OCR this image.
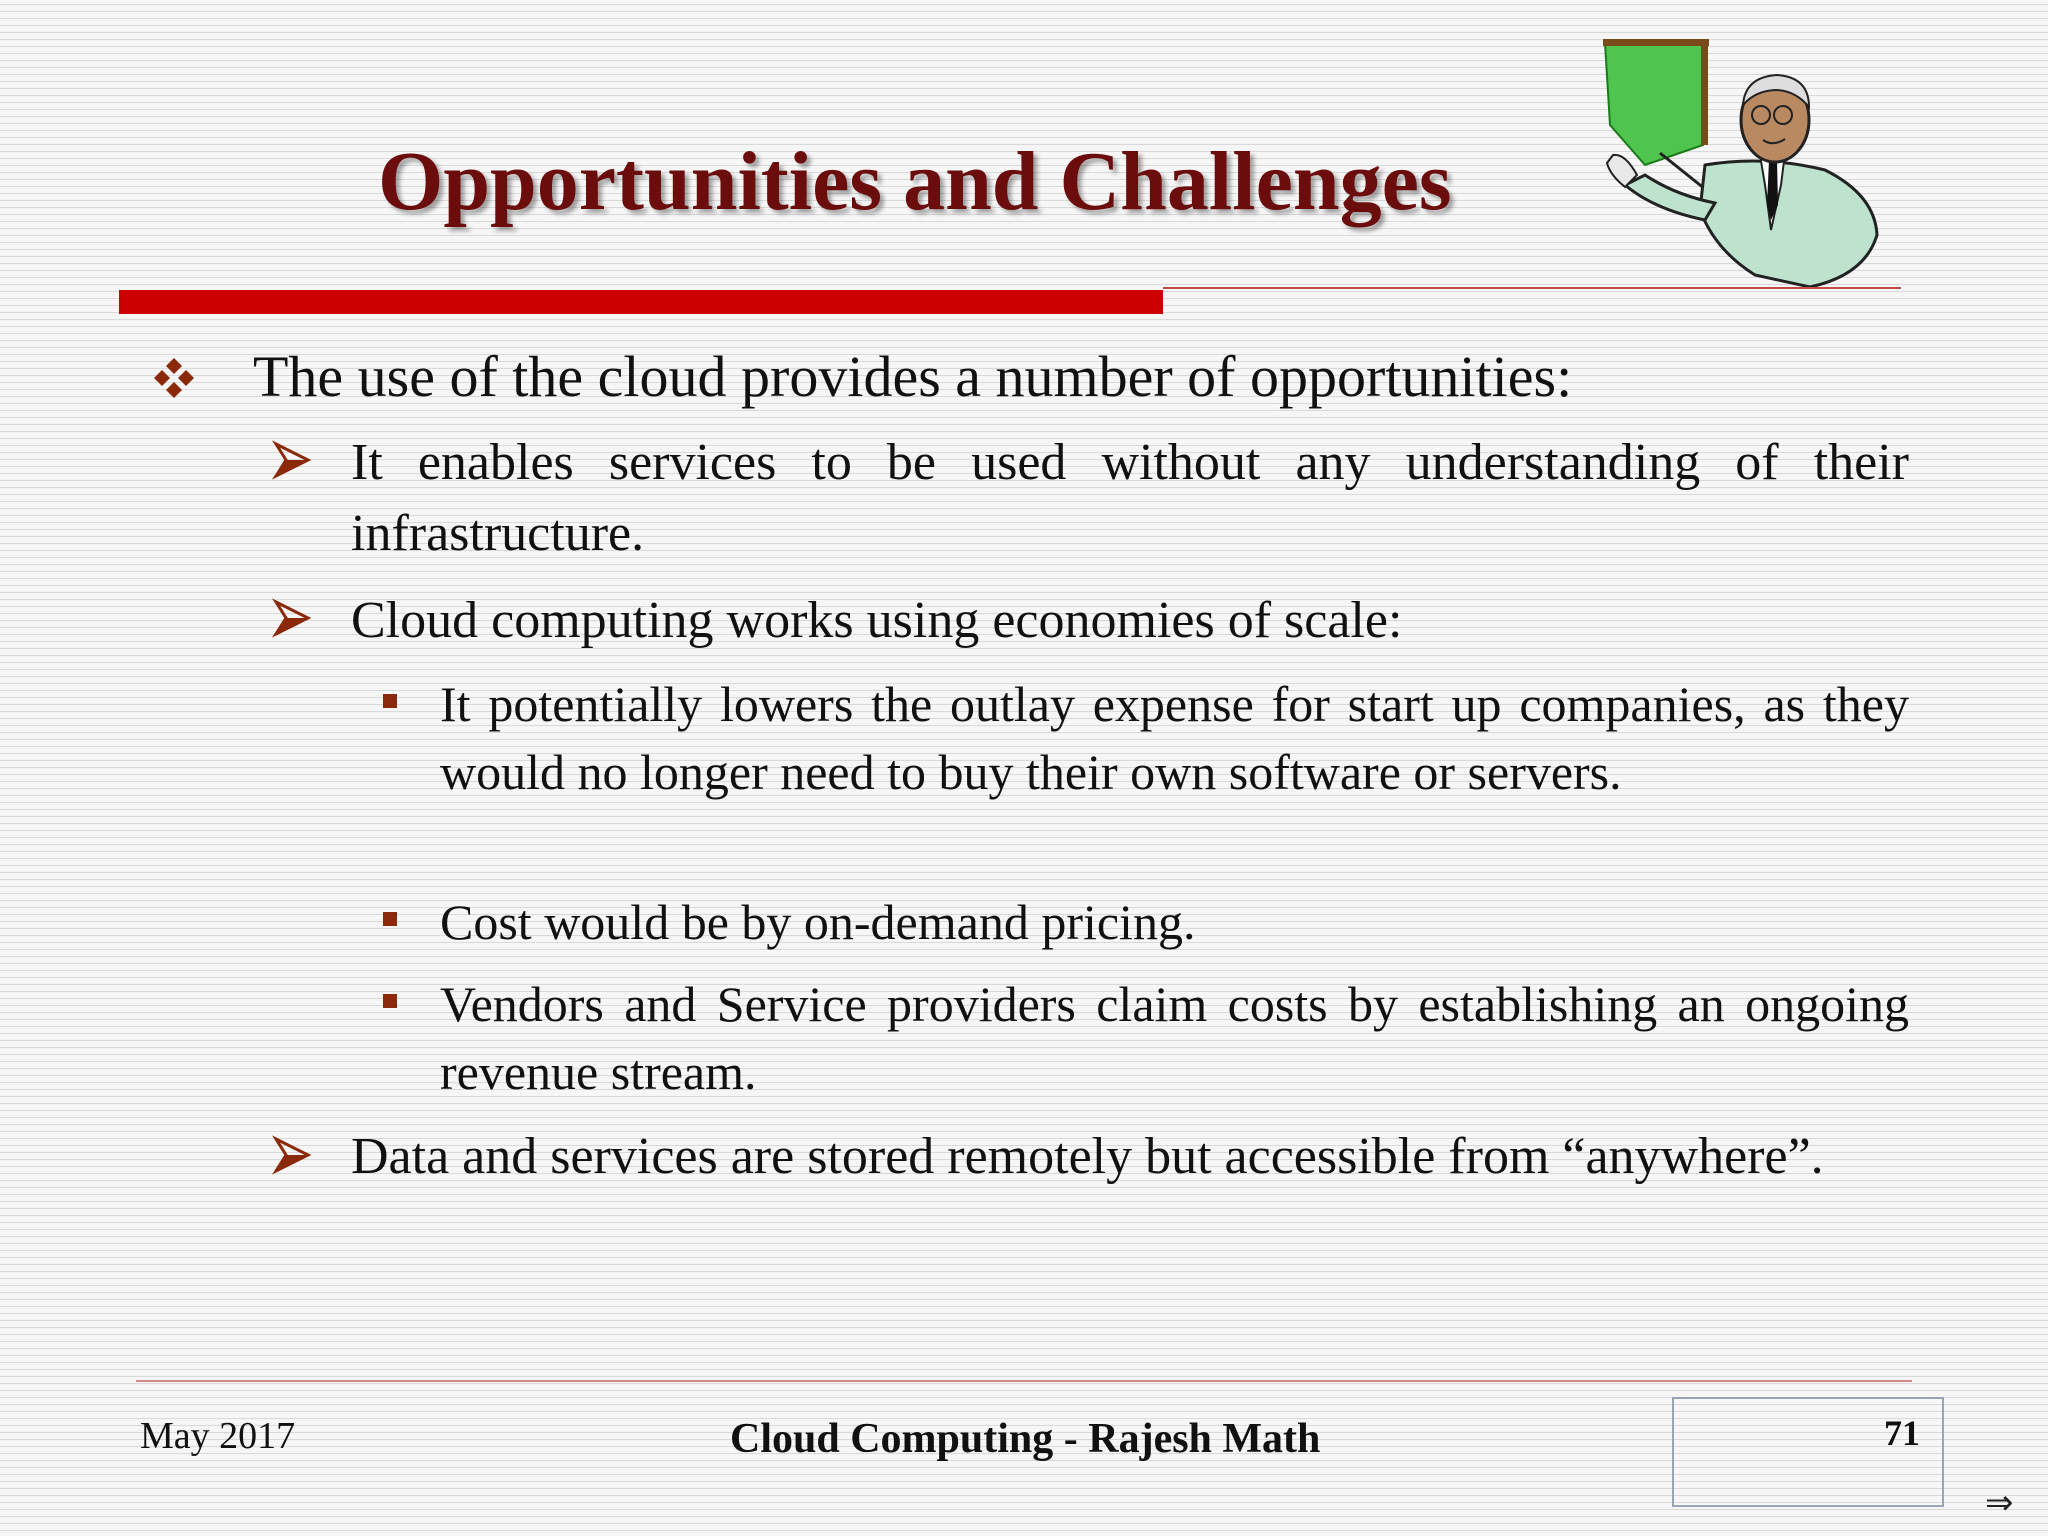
Opportunities and Challenges
The use of the cloud provides a number of opportunities:
It enables services to be used without any understanding of their infrastructure.
Cloud computing works using economies of scale:
It potentially lowers the outlay expense for start up companies, as they would no longer need to buy their own software or servers.
Cost would be by on-demand pricing.
Vendors and Service providers claim costs by establishing an ongoing revenue stream.
Data and services are stored remotely but accessible from “anywhere”.
May 2017	Cloud Computing - Rajesh Math	71
⇒
